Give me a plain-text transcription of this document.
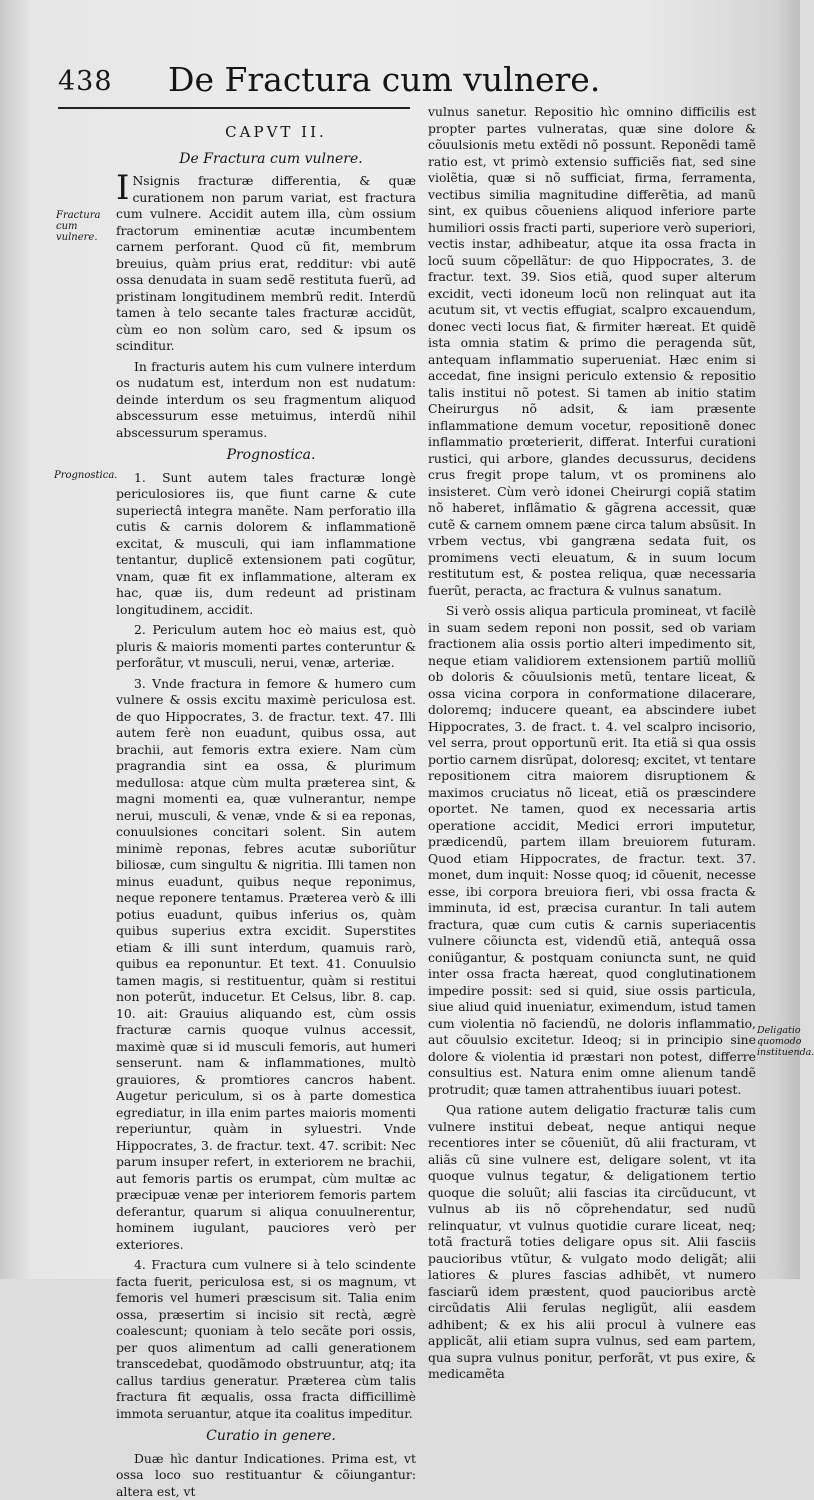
438 De Fractura cum vulnere.
Fractura cum vulnere.
Prognostica.
Deligatio quomodo instituenda.
CAPVT II.
De Fractura cum vulnere.

INsignis fracturæ differentia, & quæ curationem non parum variat, est fractura cum vulnere. Accidit autem illa, cùm ossium fractorum eminentiæ acutæ incumbentem carnem perforant. Quod cũ fit, membrum breuius, quàm prius erat, redditur: vbi autẽ ossa denudata in suam sedẽ restituta fuerũ, ad pristinam longitudinem membrũ redit. Interdũ tamen à telo secante tales fracturæ accidũt, cùm eo non solùm caro, sed & ipsum os scinditur.

In fracturis autem his cum vulnere interdum os nudatum est, interdum non est nudatum: deinde interdum os seu fragmentum aliquod abscessurum esse metuimus, interdũ nihil abscessurum speramus.

Prognostica.

1. Sunt autem tales fracturæ longè periculosiores iis, que fiunt carne & cute superiectâ integra manẽte. Nam perforatio illa cutis & carnis dolorem & inflammationẽ excitat, & musculi, qui iam inflammatione tentantur, duplicẽ extensionem pati cogũtur, vnam, quæ fit ex inflammatione, alteram ex hac, quæ iis, dum redeunt ad pristinam longitudinem, accidit.

2. Periculum autem hoc eò maius est, quò pluris & maioris momenti partes conteruntur & perforãtur, vt musculi, nerui, venæ, arteriæ.

3. Vnde fractura in femore & humero cum vulnere & ossis excitu maximè periculosa est. de quo Hippocrates, 3. de fractur. text. 47. Illi autem ferè non euadunt, quibus ossa, aut brachii, aut femoris extra exiere. Nam cùm pragrandia sint ea ossa, & plurimum medullosa: atque cùm multa præterea sint, & magni momenti ea, quæ vulnerantur, nempe nerui, musculi, & venæ, vnde & si ea reponas, conuulsiones concitari solent. Sin autem minimè reponas, febres acutæ suboriũtur biliosæ, cum singultu & nigritia. Illi tamen non minus euadunt, quibus neque reponimus, neque reponere tentamus. Præterea verò & illi potius euadunt, quibus inferius os, quàm quibus superius extra excidit. Superstites etiam & illi sunt interdum, quamuis rarò, quibus ea reponuntur. Et text. 41. Conuulsio tamen magis, si restituentur, quàm si restitui non poterũt, inducetur. Et Celsus, libr. 8. cap. 10. ait: Grauius aliquando est, cùm ossis fracturæ carnis quoque vulnus accessit, maximè quæ si id musculi femoris, aut humeri senserunt. nam & inflammationes, multò grauiores, & promtiores cancros habent. Augetur periculum, si os à parte domestica egrediatur, in illa enim partes maioris momenti reperiuntur, quàm in syluestri. Vnde Hippocrates, 3. de fractur. text. 47. scribit: Nec parum insuper refert, in exteriorem ne brachii, aut femoris partis os erumpat, cùm multæ ac præcipuæ venæ per interiorem femoris partem deferantur, quarum si aliqua conuulnerentur, hominem iugulant, pauciores verò per exteriores.

4. Fractura cum vulnere si à telo scindente facta fuerit, periculosa est, si os magnum, vt femoris vel humeri præscisum sit. Talia enim ossa, præsertim si incisio sit rectà, ægrè coalescunt; quoniam à telo secãte pori ossis, per quos alimentum ad calli generationem transcedebat, quodãmodo obstruuntur, atq; ita callus tardius generatur. Præterea cùm talis fractura fit æqualis, ossa fracta difficillimè immota seruantur, atque ita coalitus impeditur.

Curatio in genere.

Duæ hìc dantur Indicationes. Prima est, vt ossa loco suo restituantur & cõiungantur: altera est, vt

vulnus sanetur. Repositio hìc omnino difficilis est propter partes vulneratas, quæ sine dolore & cõuulsionis metu extẽdi nõ possunt. Reponẽdi tamẽ ratio est, vt primò extensio sufficiẽs fiat, sed sine violẽtia, quæ si nõ sufficiat, firma, ferramenta, vectibus similia magnitudine differẽtia, ad manũ sint, ex quibus cõueniens aliquod inferiore parte humiliori ossis fracti parti, superiore verò superiori, vectis instar, adhibeatur, atque ita ossa fracta in locũ suum cõpellãtur: de quo Hippocrates, 3. de fractur. text. 39. Sios etiã, quod super alterum excidit, vecti idoneum locũ non relinquat aut ita acutum sit, vt vectis effugiat, scalpro excauendum, donec vecti locus fiat, & firmiter hæreat. Et quidẽ ista omnia statim & primo die peragenda sũt, antequam inflammatio superueniat. Hæc enim si accedat, fine insigni periculo extensio & repositio talis institui nõ potest. Si tamen ab initio statim Cheirurgus nõ adsit, & iam præsente inflammatione demum vocetur, repositionẽ donec inflammatio prœterierit, differat. Interfui curationi rustici, qui arbore, glandes decussurus, decidens crus fregit prope talum, vt os prominens alo insisteret. Cùm verò idonei Cheirurgi copiã statim nõ haberet, inflãmatio & gãgrena accessit, quæ cutẽ & carnem omnem pæne circa talum absũsit. In vrbem vectus, vbi gangræna sedata fuit, os promimens vecti eleuatum, & in suum locum restitutum est, & postea reliqua, quæ necessaria fuerũt, peracta, ac fractura & vulnus sanatum.

Si verò ossis aliqua particula promineat, vt facilè in suam sedem reponi non possit, sed ob variam fractionem alia ossis portio alteri impedimento sit, neque etiam validiorem extensionem partiũ molliũ ob doloris & cõuulsionis metũ, tentare liceat, & ossa vicina corpora in conformatione dilacerare, doloremq; inducere queant, ea abscindere iubet Hippocrates, 3. de fract. t. 4. vel scalpro incisorio, vel serra, prout opportunũ erit. Ita etiã si qua ossis portio carnem disrũpat, doloresq; excitet, vt tentare repositionem citra maiorem disruptionem & maximos cruciatus nõ liceat, etiã os præscindere oportet. Ne tamen, quod ex necessaria artis operatione accidit, Medici errori imputetur, prædicendũ, partem illam breuiorem futuram. Quod etiam Hippocrates, de fractur. text. 37. monet, dum inquit: Nosse quoq; id cõuenit, necesse esse, ibi corpora breuiora fieri, vbi ossa fracta & imminuta, id est, præcisa curantur. In tali autem fractura, quæ cum cutis & carnis superiacentis vulnere cõiuncta est, videndũ etiã, antequã ossa coniũgantur, & postquam coniuncta sunt, ne quid inter ossa fracta hæreat, quod conglutinationem impedire possit: sed si quid, siue ossis particula, siue aliud quid inueniatur, eximendum, istud tamen cum violentia nõ faciendũ, ne doloris inflammatio, aut cõuulsio excitetur. Ideoq; si in principio sine dolore & violentia id præstari non potest, differre consultius est. Natura enim omne alienum tandẽ protrudit; quæ tamen attrahentibus iuuari potest.

Qua ratione autem deligatio fracturæ talis cum vulnere institui debeat, neque antiqui neque recentiores inter se cõueniũt, dũ alii fracturam, vt aliãs cũ sine vulnere est, deligare solent, vt ita quoque vulnus tegatur, & deligationem tertio quoque die soluũt; alii fascias ita circũducunt, vt vulnus ab iis nõ cõprehendatur, sed nudũ relinquatur, vt vulnus quotidie curare liceat, neq; totã fracturã toties deligare opus sit. Alii fasciis paucioribus vtũtur, & vulgato modo deligãt; alii latiores & plures fascias adhibẽt, vt numero fasciarũ idem præstent, quod paucioribus arctè circũdatis Alii ferulas negligũt, alii easdem adhibent; & ex his alii procul à vulnere eas applicãt, alii etiam supra vulnus, sed eam partem, qua supra vulnus ponitur, perforãt, vt pus exire, & medicamẽta
